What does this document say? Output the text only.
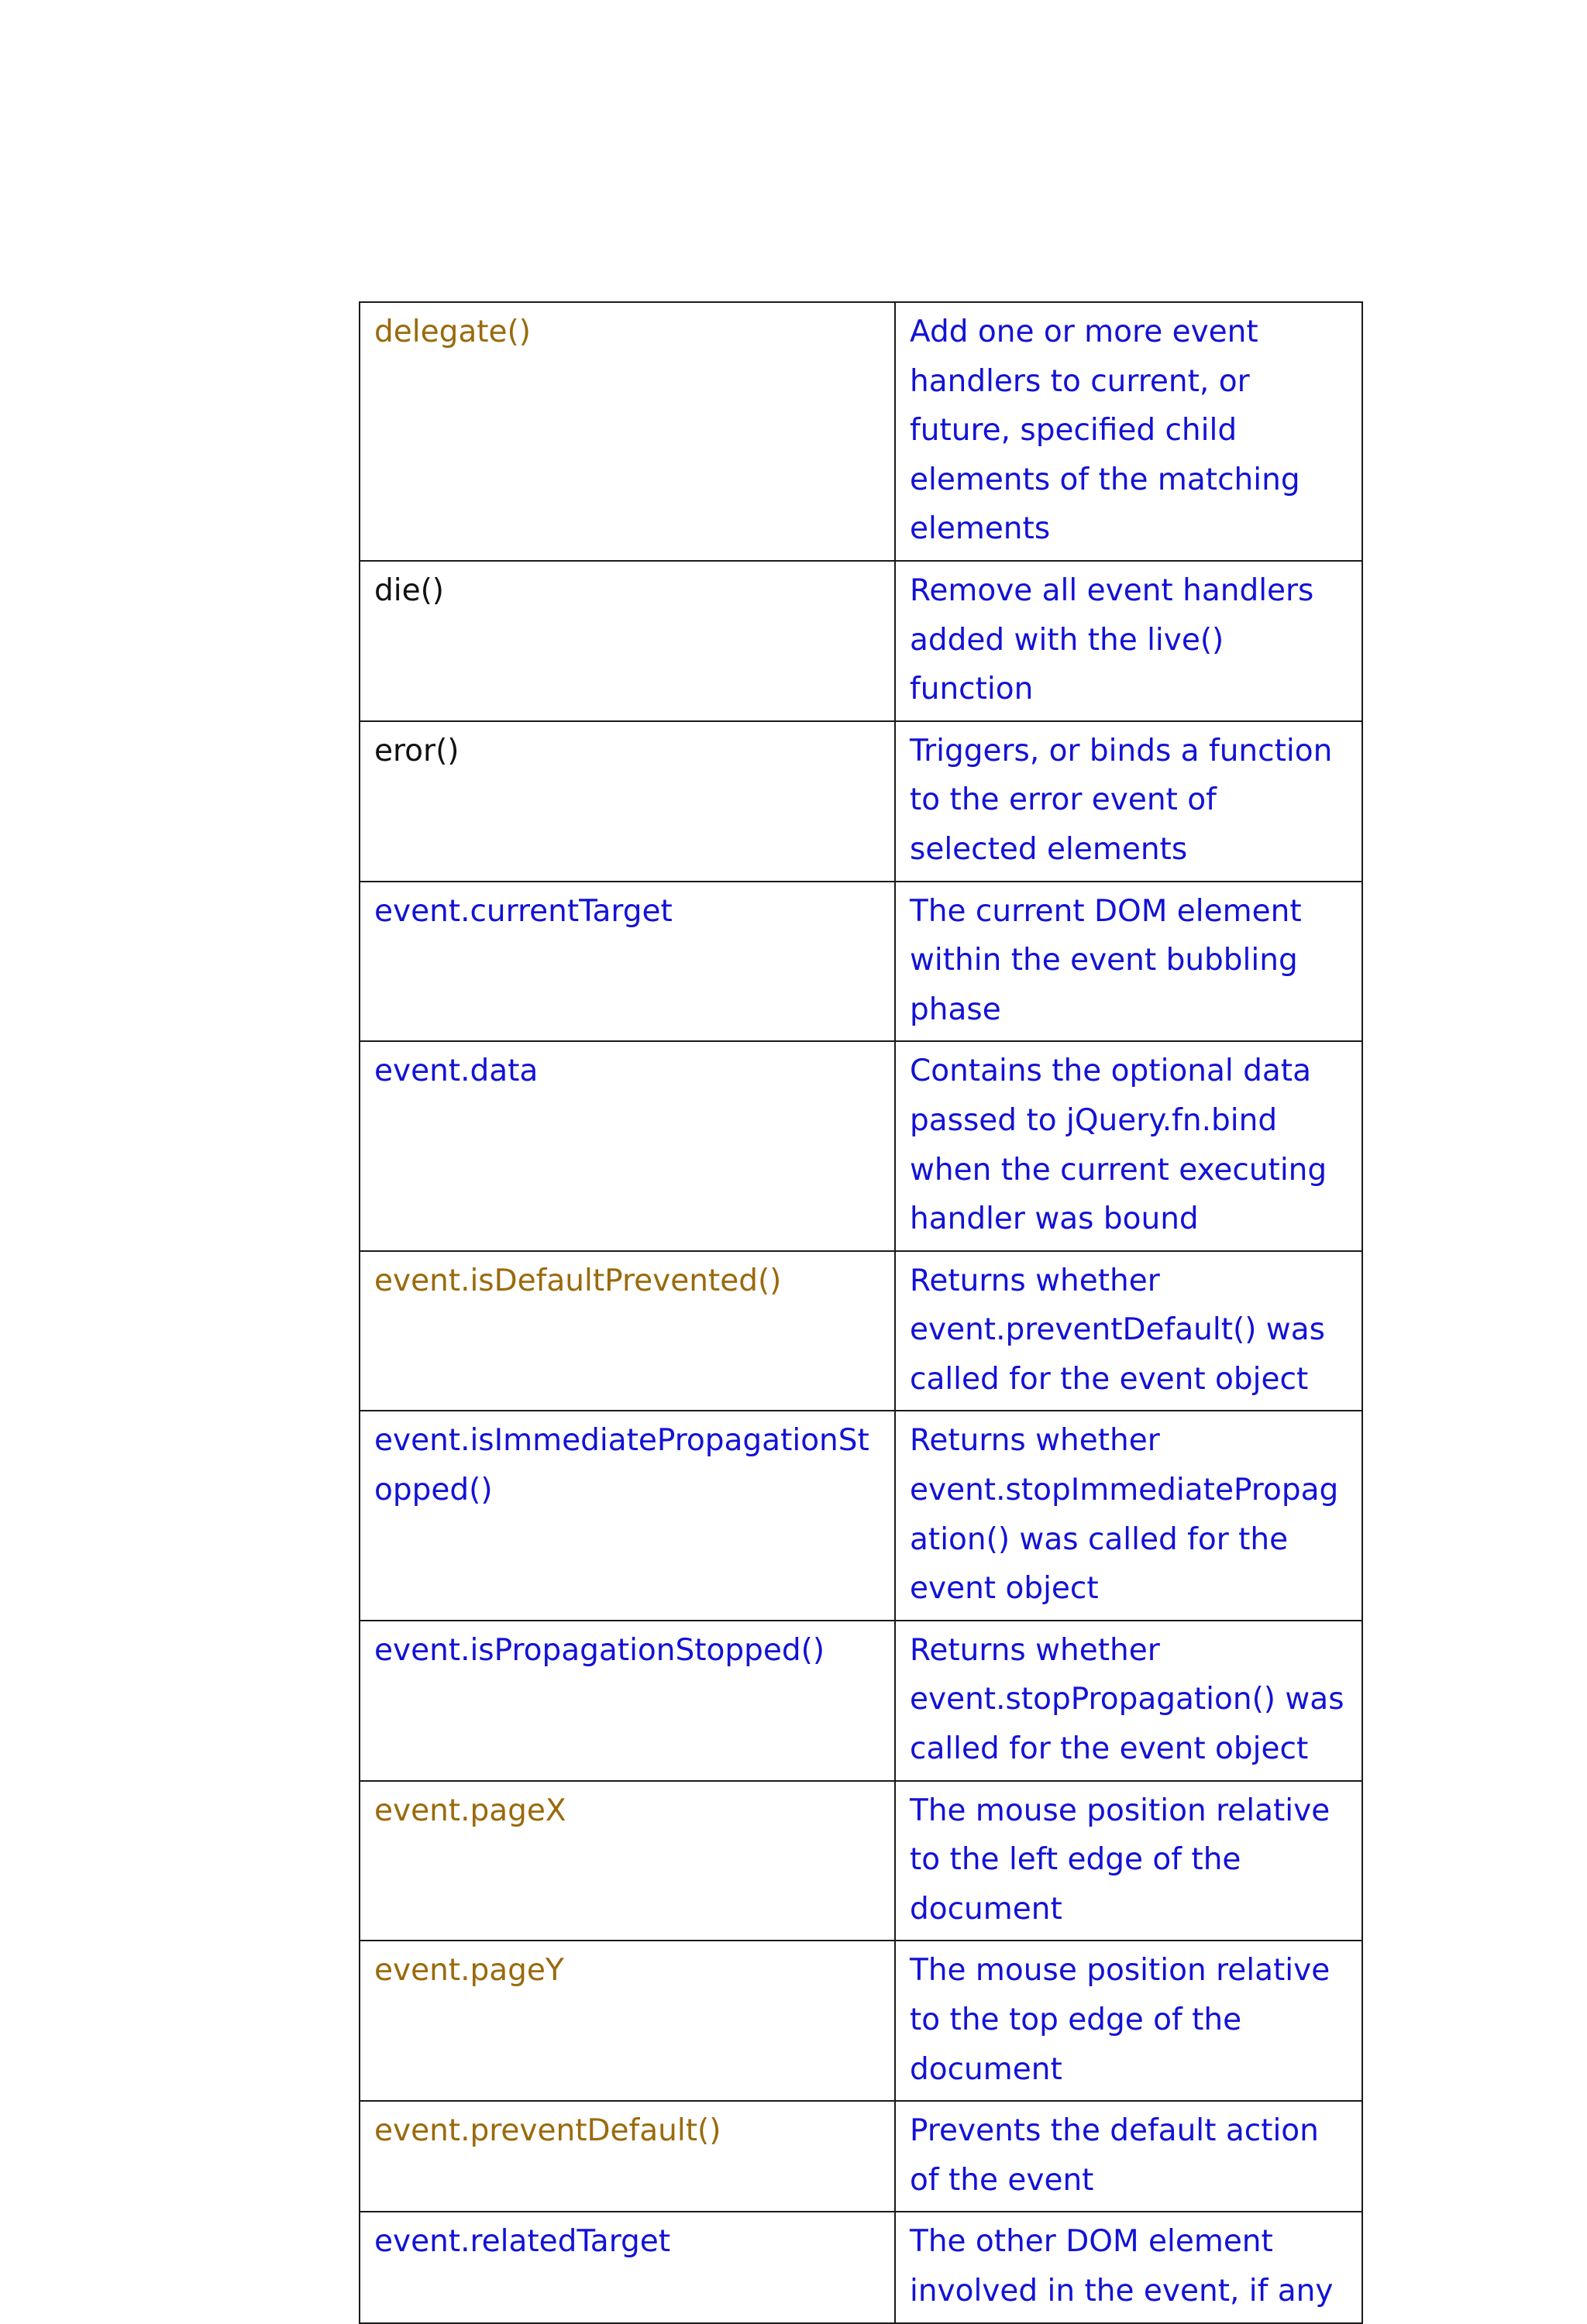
delegate()	Add one or more event handlers to current, or future, specified child elements of the matching elements
die()	Remove all event handlers added with the live() function
eror()	Triggers, or binds a function to the error event of selected elements
event.currentTarget	The current DOM element within the event bubbling phase
event.data	Contains the optional data passed to jQuery.fn.bind when the current executing handler was bound
event.isDefaultPrevented()	Returns whether event.preventDefault() was called for the event object
event.isImmediatePropagationStopped()	Returns whether event.stopImmediatePropagation() was called for the event object
event.isPropagationStopped()	Returns whether event.stopPropagation() was called for the event object
event.pageX	The mouse position relative to the left edge of the document
event.pageY	The mouse position relative to the top edge of the document
event.preventDefault()	Prevents the default action of the event
event.relatedTarget	The other DOM element involved in the event, if any
